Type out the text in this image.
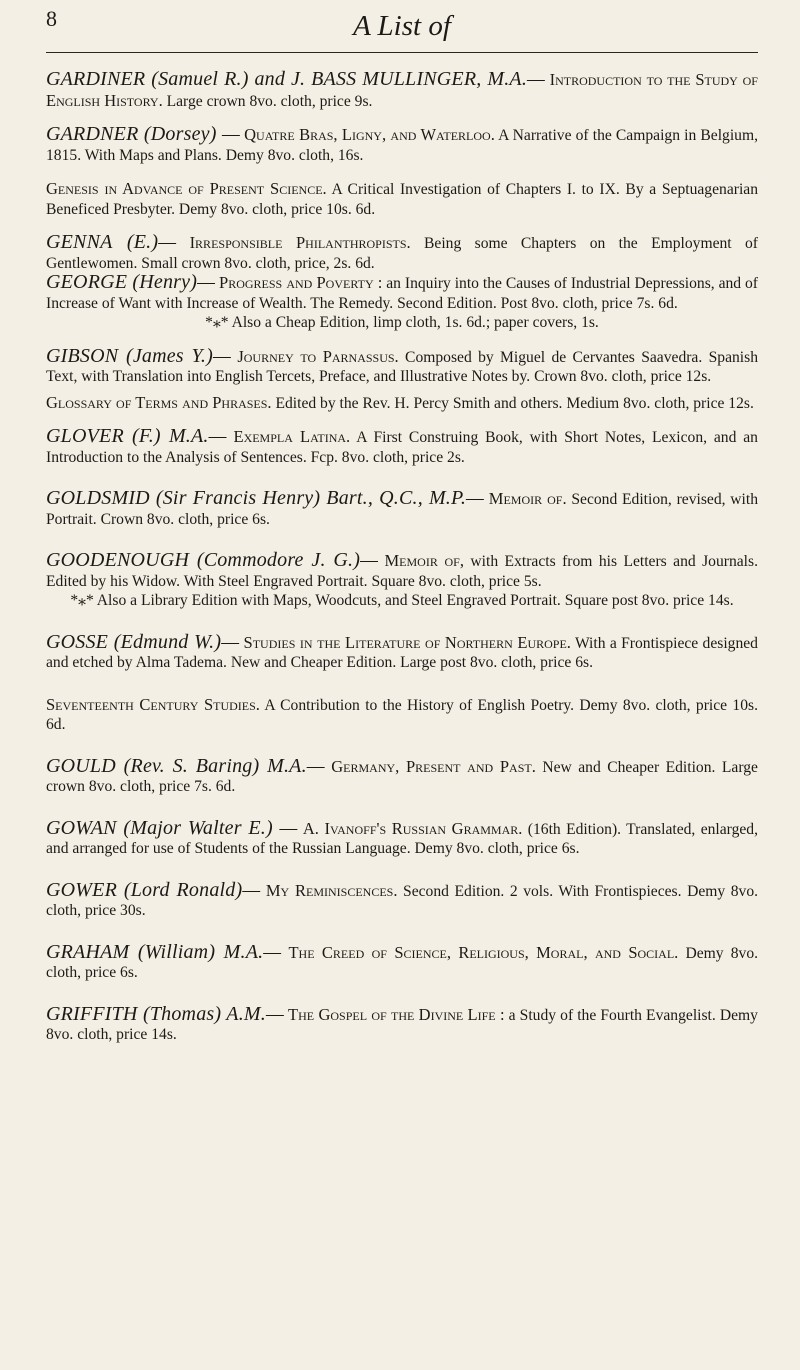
8	A List of

GARDINER (Samuel R.) and J. BASS MULLINGER, M.A.— Introduction to the Study of English History. Large crown 8vo. cloth, price 9s.

GARDNER (Dorsey) — Quatre Bras, Ligny, and Waterloo. A Narrative of the Campaign in Belgium, 1815. With Maps and Plans. Demy 8vo. cloth, 16s.

Genesis in Advance of Present Science. A Critical Investigation of Chapters I. to IX. By a Septuagenarian Beneficed Presbyter. Demy 8vo. cloth, price 10s. 6d.

GENNA (E.)— Irresponsible Philanthropists. Being some Chapters on the Employment of Gentlewomen. Small crown 8vo. cloth, price, 2s. 6d.

GEORGE (Henry)— Progress and Poverty : an Inquiry into the Causes of Industrial Depressions, and of Increase of Want with Increase of Wealth. The Remedy. Second Edition. Post 8vo. cloth, price 7s. 6d.

*⁎* Also a Cheap Edition, limp cloth, 1s. 6d.; paper covers, 1s.

GIBSON (James Y.)— Journey to Parnassus. Composed by Miguel de Cervantes Saavedra. Spanish Text, with Translation into English Tercets, Preface, and Illustrative Notes by. Crown 8vo. cloth, price 12s.

Glossary of Terms and Phrases. Edited by the Rev. H. Percy Smith and others. Medium 8vo. cloth, price 12s.

GLOVER (F.) M.A.— Exempla Latina. A First Construing Book, with Short Notes, Lexicon, and an Introduction to the Analysis of Sentences. Fcp. 8vo. cloth, price 2s.

GOLDSMID (Sir Francis Henry) Bart., Q.C., M.P.— Memoir of. Second Edition, revised, with Portrait. Crown 8vo. cloth, price 6s.

GOODENOUGH (Commodore J. G.)— Memoir of, with Extracts from his Letters and Journals. Edited by his Widow. With Steel Engraved Portrait. Square 8vo. cloth, price 5s.

*⁎* Also a Library Edition with Maps, Woodcuts, and Steel Engraved Portrait. Square post 8vo. price 14s.

GOSSE (Edmund W.)— Studies in the Literature of Northern Europe. With a Frontispiece designed and etched by Alma Tadema. New and Cheaper Edition. Large post 8vo. cloth, price 6s.

Seventeenth Century Studies. A Contribution to the History of English Poetry. Demy 8vo. cloth, price 10s. 6d.

GOULD (Rev. S. Baring) M.A.— Germany, Present and Past. New and Cheaper Edition. Large crown 8vo. cloth, price 7s. 6d.

GOWAN (Major Walter E.) — A. Ivanoff's Russian Grammar. (16th Edition). Translated, enlarged, and arranged for use of Students of the Russian Language. Demy 8vo. cloth, price 6s.

GOWER (Lord Ronald)— My Reminiscences. Second Edition. 2 vols. With Frontispieces. Demy 8vo. cloth, price 30s.

GRAHAM (William) M.A.— The Creed of Science, Religious, Moral, and Social. Demy 8vo. cloth, price 6s.

GRIFFITH (Thomas) A.M.— The Gospel of the Divine Life : a Study of the Fourth Evangelist. Demy 8vo. cloth, price 14s.
